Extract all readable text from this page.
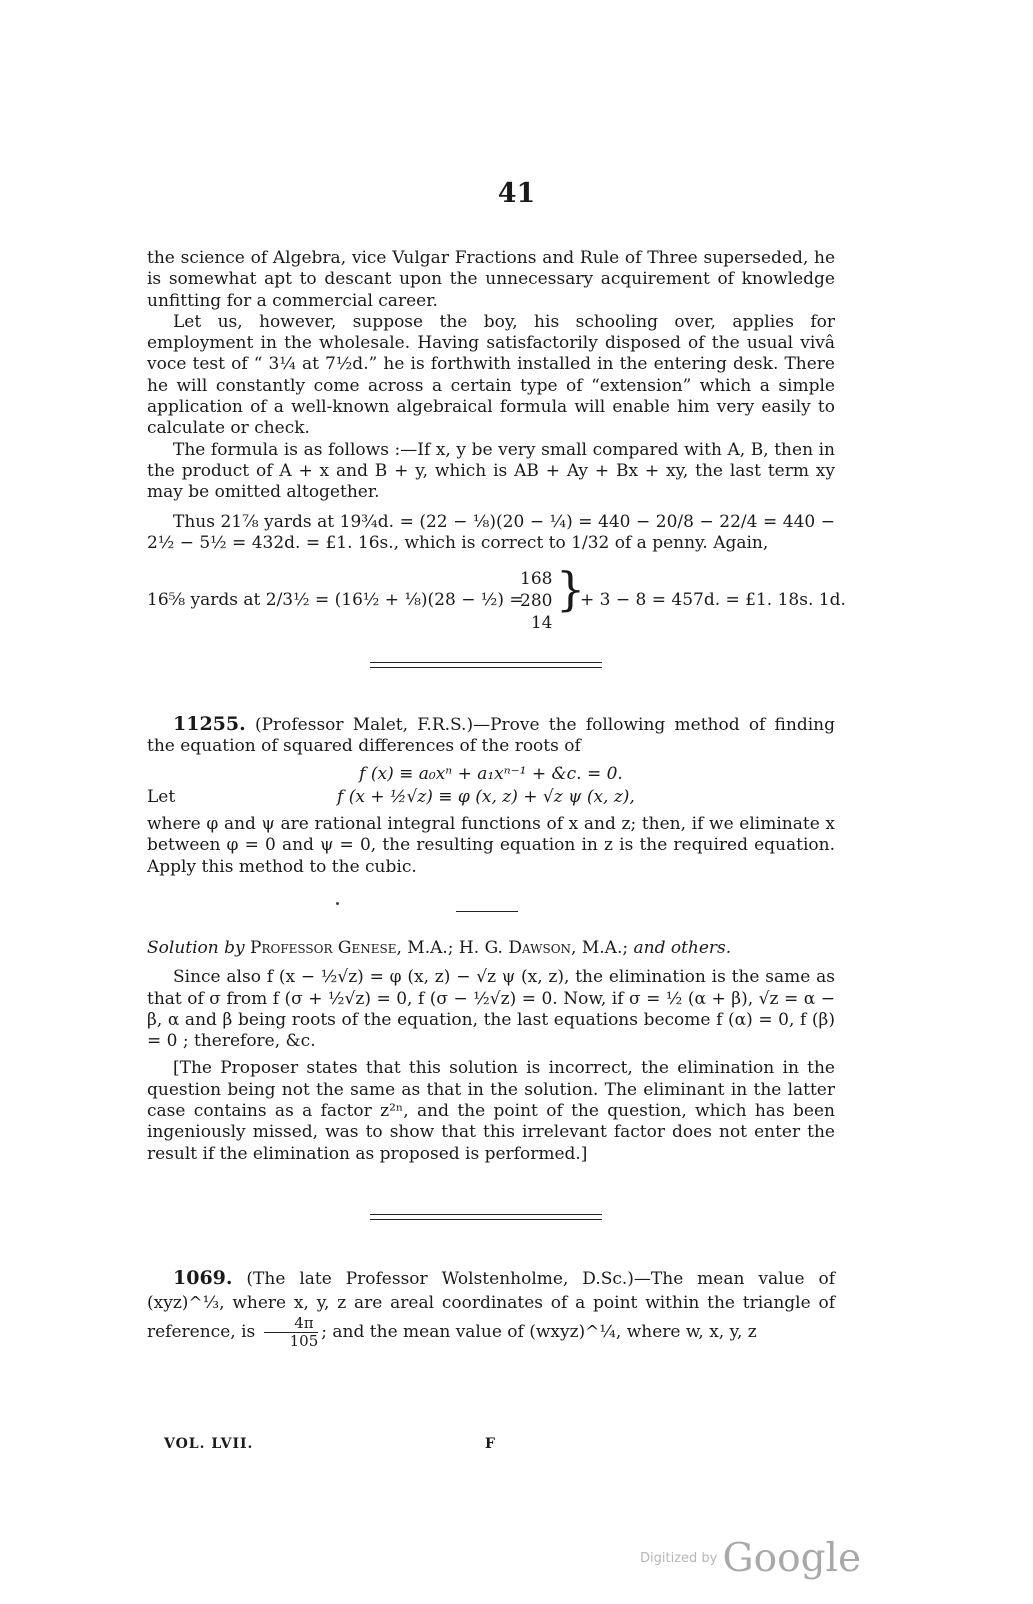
41

the science of Algebra, vice Vulgar Fractions and Rule of Three superseded, he is somewhat apt to descant upon the unnecessary acquirement of knowledge unfitting for a commercial career.

Let us, however, suppose the boy, his schooling over, applies for employment in the wholesale. Having satisfactorily disposed of the usual vivâ voce test of “ 3¼ at 7½d.” he is forthwith installed in the entering desk. There he will constantly come across a certain type of “extension” which a simple application of a well-known algebraical formula will enable him very easily to calculate or check.

The formula is as follows :—If x, y be very small compared with A, B, then in the product of A + x and B + y, which is AB + Ay + Bx + xy, the last term xy may be omitted altogether.

Thus 21⅞ yards at 19¾d. = (22 − ⅛)(20 − ¼) = 440 − 20/8 − 22/4 = 440 − 2½ − 5½ = 432d. = £1. 16s., which is correct to 1/32 of a penny. Again,

16⅝ yards at 2/3½ = (16½ + ⅛)(28 − ½) =
168
280
14
}
+ 3 − 8 = 457d. = £1. 18s. 1d.

11255. (Professor Malet, F.R.S.)—Prove the following method of finding the equation of squared differences of the roots of

f (x) ≡ a₀xⁿ + a₁xⁿ⁻¹ + &c. = 0.

Let	f (x + ½√z) ≡ φ (x, z) + √z ψ (x, z),

where φ and ψ are rational integral functions of x and z; then, if we eliminate x between φ = 0 and ψ = 0, the resulting equation in z is the required equation. Apply this method to the cubic.

Solution by Professor Genese, M.A.; H. G. Dawson, M.A.; and others.

Since also f (x − ½√z) = φ (x, z) − √z ψ (x, z), the elimination is the same as that of σ from f (σ + ½√z) = 0, f (σ − ½√z) = 0. Now, if σ = ½ (α + β), √z = α − β, α and β being roots of the equation, the last equations become f (α) = 0, f (β) = 0 ; therefore, &c.

[The Proposer states that this solution is incorrect, the elimination in the question being not the same as that in the solution. The eliminant in the latter case contains as a factor z²ⁿ, and the point of the question, which has been ingeniously missed, was to show that this irrelevant factor does not enter the result if the elimination as proposed is performed.]

1069. (The late Professor Wolstenholme, D.Sc.)—The mean value of (xyz)^⅓, where x, y, z are areal coordinates of a point within the triangle of reference, is $\frac{4\pi}{105}$ ; and the mean value of (wxyz)^¼, where w, x, y, z

VOL. LVII.	F
Digitized by Google
